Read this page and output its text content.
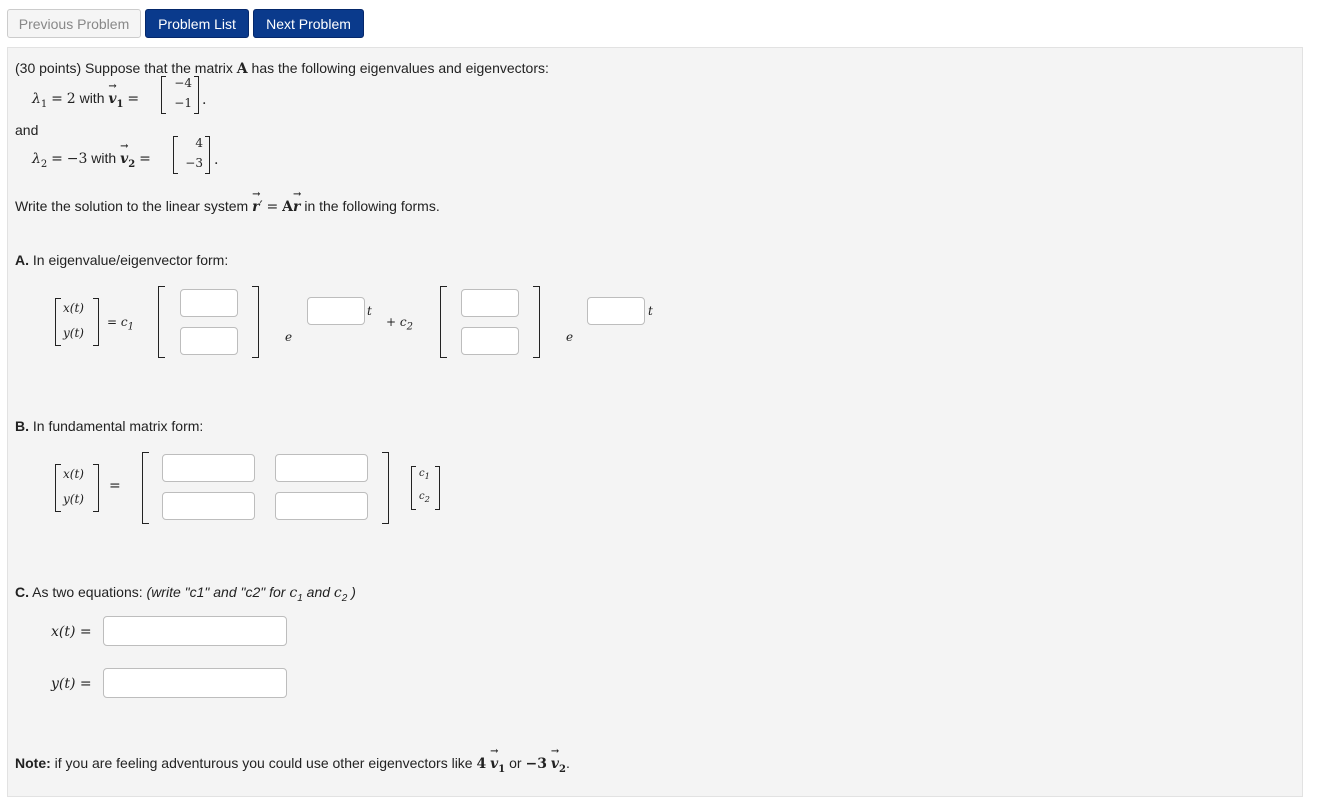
Previous Problem	Problem List	Next Problem
(30 points) Suppose that the matrix A has the following eigenvalues and eigenvectors:
$\lambda_1 = 2$ with
→
$v_1$ =
−4
−1 .
and
$\lambda_2 = -3$ with
→
$v_2$ =
4
−3 .
Write the solution to the linear system
→
r′ = A
→
r in the following forms.
A. In eigenvalue/eigenvector form:
x(t)
y(t)
= $c_1$
e
t
+ $c_2$
e
t
B. In fundamental matrix form:
x(t)
y(t)
=
$c_1$
$c_2$
C. As two equations: (write "c1" and "c2" for $c_1$ and $c_2$ )
x(t) =
y(t) =
Note: if you are feeling adventurous you could use other eigenvectors like 4
→
$v_1$ or −3
→
$v_2$.
